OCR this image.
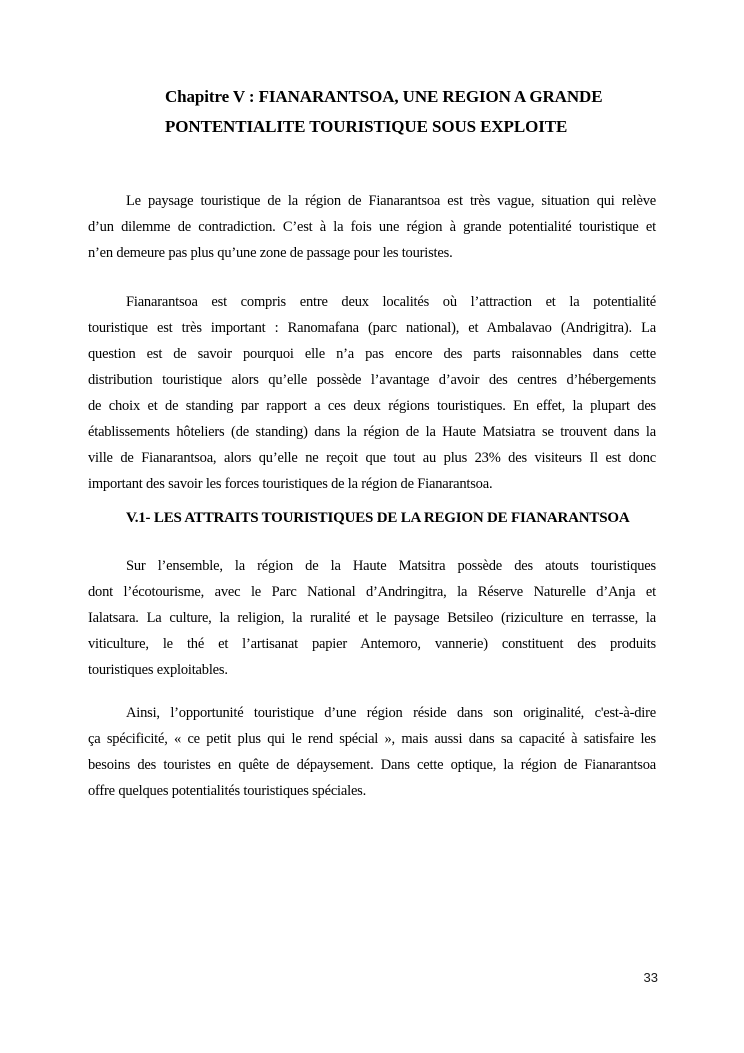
Chapitre V : FIANARANTSOA, UNE REGION A GRANDE
PONTENTIALITE TOURISTIQUE SOUS EXPLOITE
Le paysage touristique de la région de Fianarantsoa est très vague, situation qui relève
d’un dilemme de contradiction. C’est à la fois une région à grande potentialité touristique et
n’en demeure pas plus qu’une zone de passage pour les touristes.
Fianarantsoa est compris entre deux localités où l’attraction et la potentialité
touristique est très important : Ranomafana (parc national), et Ambalavao (Andrigitra). La
question est de savoir pourquoi elle n’a pas encore des parts raisonnables dans cette
distribution touristique alors qu’elle possède l’avantage d’avoir des centres d’hébergements
de choix et de standing par rapport a ces deux régions touristiques. En effet, la plupart des
établissements hôteliers (de standing) dans la région de la Haute Matsiatra se trouvent dans la
ville de Fianarantsoa, alors qu’elle ne reçoit que tout au plus 23% des visiteurs Il est donc
important des savoir les forces touristiques de la région de Fianarantsoa.
V.1- LES ATTRAITS TOURISTIQUES DE LA REGION DE FIANARANTSOA
Sur l’ensemble, la région de la Haute Matsitra possède des atouts touristiques
dont l’écotourisme, avec le Parc National d’Andringitra, la Réserve Naturelle d’Anja et
Ialatsara. La culture, la religion, la ruralité et le paysage Betsileo (riziculture en terrasse, la
viticulture, le thé et l’artisanat papier Antemoro, vannerie) constituent des produits
touristiques exploitables.
Ainsi, l’opportunité touristique d’une région réside dans son originalité, c'est-à-dire
ça spécificité, « ce petit plus qui le rend spécial », mais aussi dans sa capacité à satisfaire les
besoins des touristes en quête de dépaysement. Dans cette optique, la région de Fianarantsoa
offre quelques potentialités touristiques spéciales.
33
